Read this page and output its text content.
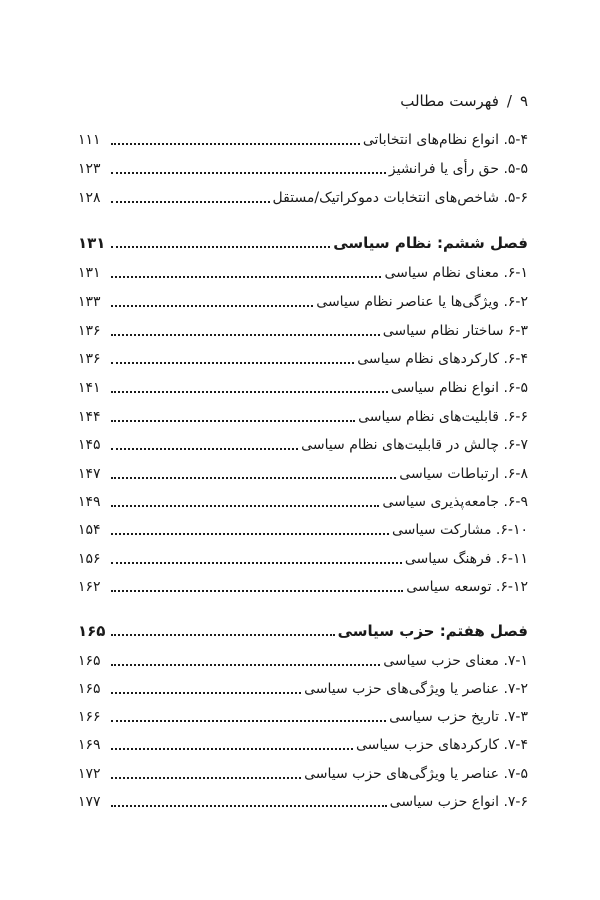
فهرست مطالب / ۹
۵-۴. انواع نظام‌های انتخاباتی
۱۱۱
۵-۵. حق رأی یا فرانشیز
۱۲۳
۵-۶. شاخص‌های انتخابات دموکراتیک/مستقل
۱۲۸
فصل ششم: نظام سیاسی
۱۳۱
۶-۱. معنای نظام سیاسی
۱۳۱
۶-۲. ویژگی‌ها یا عناصر نظام سیاسی
۱۳۳
۶-۳ ساختار نظام سیاسی
۱۳۶
۶-۴. کارکردهای نظام سیاسی
۱۳۶
۶-۵. انواع نظام سیاسی
۱۴۱
۶-۶. قابلیت‌های نظام سیاسی
۱۴۴
۶-۷. چالش در قابلیت‌های نظام سیاسی
۱۴۵
۶-۸. ارتباطات سیاسی
۱۴۷
۶-۹. جامعه‌پذیری سیاسی
۱۴۹
۶-۱۰. مشارکت سیاسی
۱۵۴
۶-۱۱. فرهنگ سیاسی
۱۵۶
۶-۱۲. توسعه سیاسی
۱۶۲
فصل هفتم: حزب سیاسی
۱۶۵
۷-۱. معنای حزب سیاسی
۱۶۵
۷-۲. عناصر یا ویژگی‌های حزب سیاسی
۱۶۵
۷-۳. تاریخ حزب سیاسی
۱۶۶
۷-۴. کارکردهای حزب سیاسی
۱۶۹
۷-۵. عناصر یا ویژگی‌های حزب سیاسی
۱۷۲
۷-۶. انواع حزب سیاسی
۱۷۷
